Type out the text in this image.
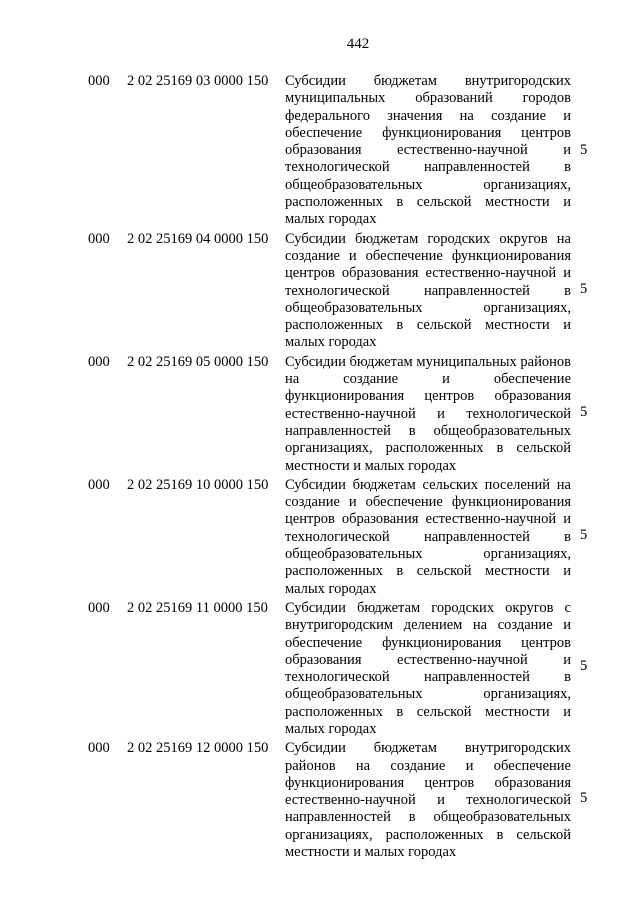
442
000 2 02 25169 03 0000 150 Субсидии бюджетам внутригородских муниципальных образований городов федерального значения на создание и обеспечение функционирования центров образования естественно-научной и технологической направленностей в общеобразовательных организациях, расположенных в сельской местности и малых городах
5
000 2 02 25169 04 0000 150 Субсидии бюджетам городских округов на создание и обеспечение функционирования центров образования естественно-научной и технологической направленностей в общеобразовательных организациях, расположенных в сельской местности и малых городах
5
000 2 02 25169 05 0000 150 Субсидии бюджетам муниципальных районов на создание и обеспечение функционирования центров образования естественно-научной и технологической направленностей в общеобразовательных организациях, расположенных в сельской местности и малых городах
5
000 2 02 25169 10 0000 150 Субсидии бюджетам сельских поселений на создание и обеспечение функционирования центров образования естественно-научной и технологической направленностей в общеобразовательных организациях, расположенных в сельской местности и малых городах
5
000 2 02 25169 11 0000 150 Субсидии бюджетам городских округов с внутригородским делением на создание и обеспечение функционирования центров образования естественно-научной и технологической направленностей в общеобразовательных организациях, расположенных в сельской местности и малых городах
5
000 2 02 25169 12 0000 150 Субсидии бюджетам внутригородских районов на создание и обеспечение функционирования центров образования естественно-научной и технологической направленностей в общеобразовательных организациях, расположенных в сельской местности и малых городах
5
